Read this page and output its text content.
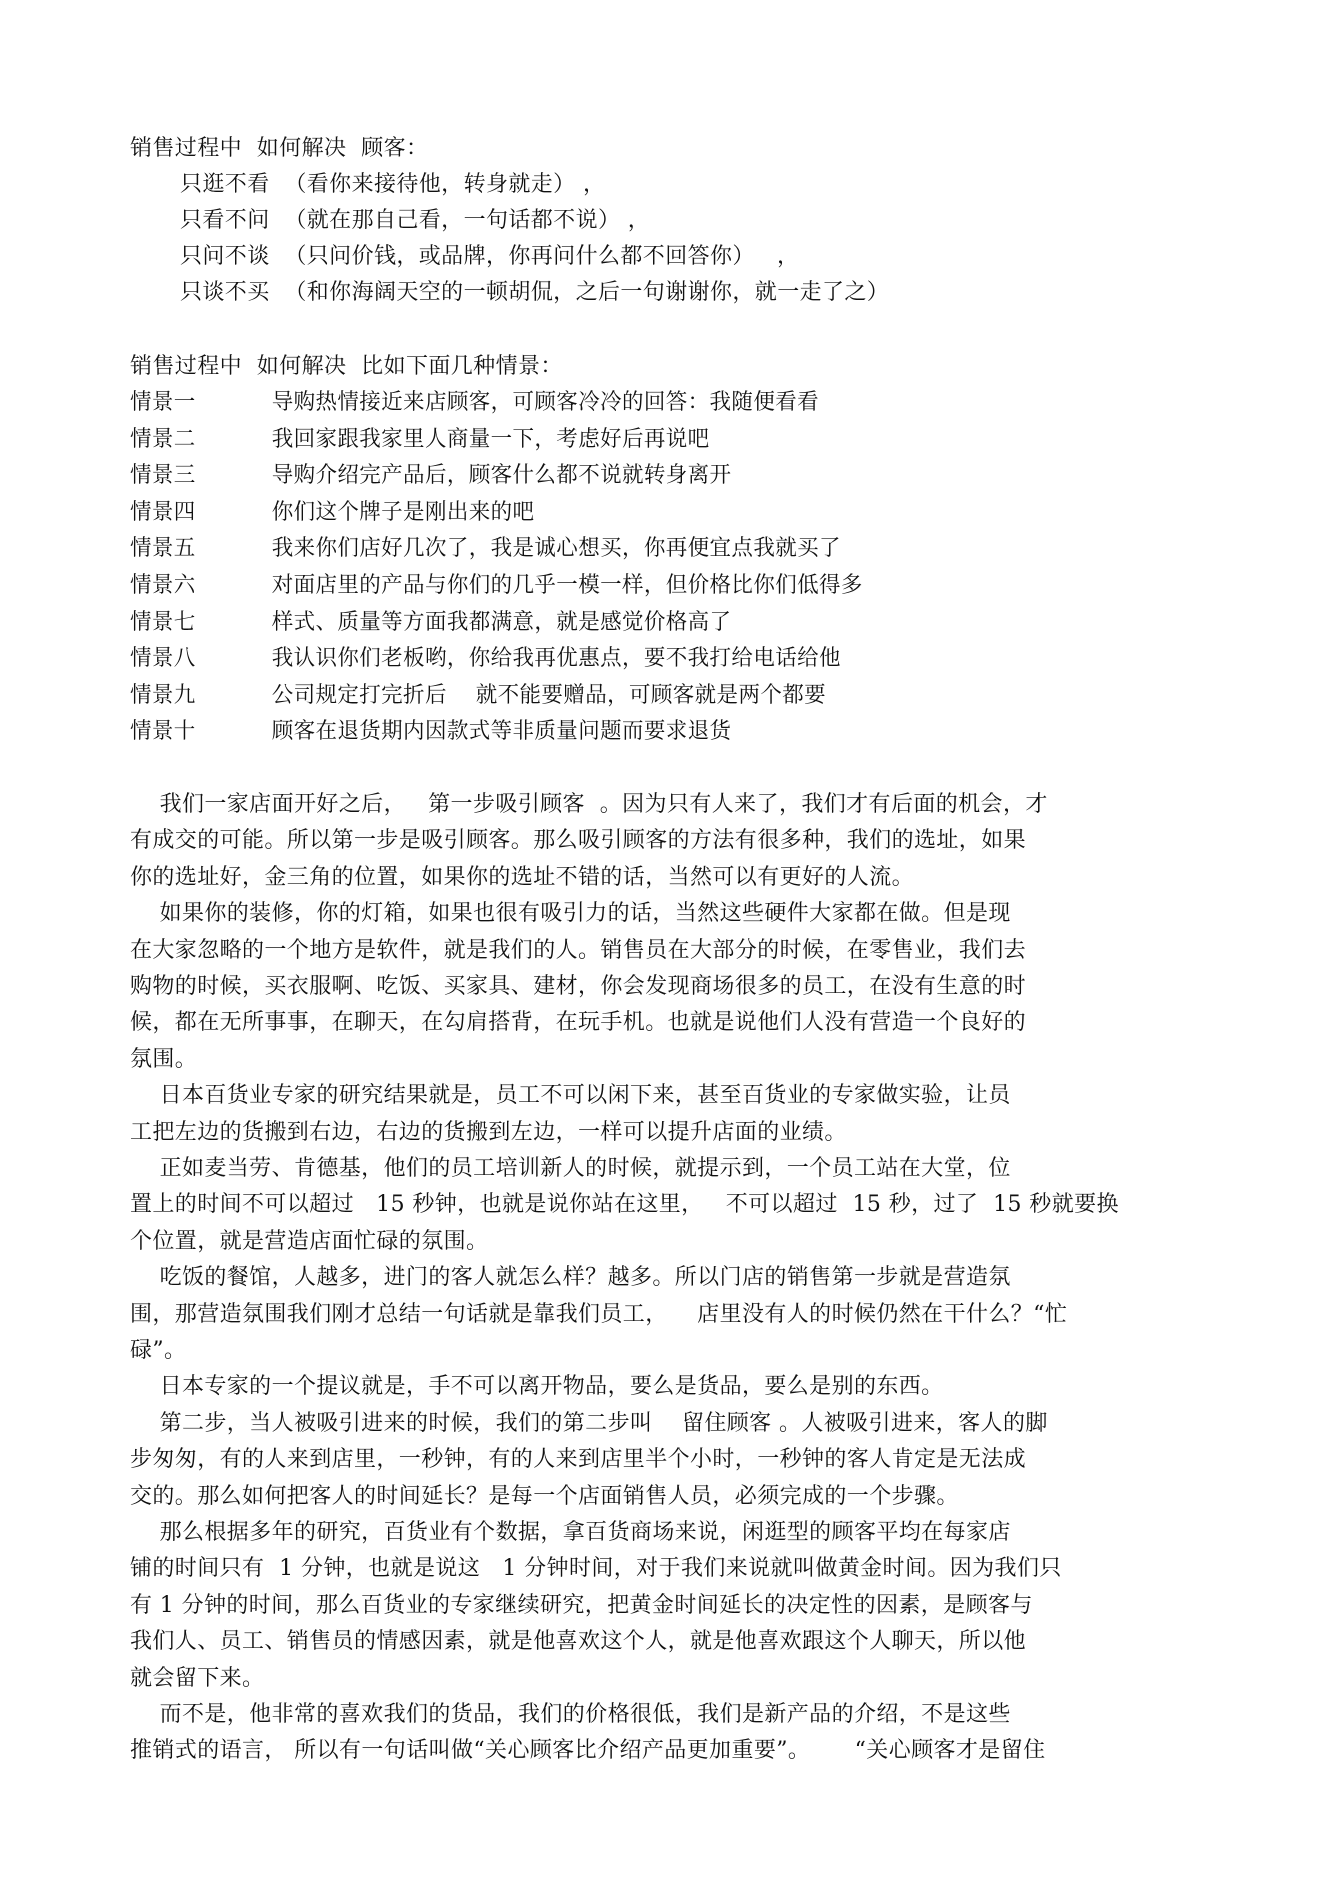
销售过程中  如何解决  顾客：
只逛不看  （看你来接待他，转身就走） ，
只看不问  （就在那自己看，一句话都不说） ，
只问不谈  （只问价钱，或品牌，你再问什么都不回答你）   ，
只谈不买  （和你海阔天空的一顿胡侃，之后一句谢谢你，就一走了之）
销售过程中  如何解决  比如下面几种情景：
情景一	导购热情接近来店顾客，可顾客冷冷的回答：我随便看看
情景二	我回家跟我家里人商量一下，考虑好后再说吧
情景三	导购介绍完产品后，顾客什么都不说就转身离开
情景四	你们这个牌子是刚出来的吧
情景五	我来你们店好几次了，我是诚心想买，你再便宜点我就买了
情景六	对面店里的产品与你们的几乎一模一样，但价格比你们低得多
情景七	样式、质量等方面我都满意，就是感觉价格高了
情景八	我认识你们老板哟，你给我再优惠点，要不我打给电话给他
情景九	公司规定打完折后    就不能要赠品，可顾客就是两个都要
情景十	顾客在退货期内因款式等非质量问题而要求退货
我们一家店面开好之后，   第一步吸引顾客  。因为只有人来了，我们才有后面的机会，才
有成交的可能。所以第一步是吸引顾客。那么吸引顾客的方法有很多种，我们的选址，如果
你的选址好，金三角的位置，如果你的选址不错的话，当然可以有更好的人流。
如果你的装修，你的灯箱，如果也很有吸引力的话，当然这些硬件大家都在做。但是现
在大家忽略的一个地方是软件，就是我们的人。销售员在大部分的时候，在零售业，我们去
购物的时候，买衣服啊、吃饭、买家具、建材，你会发现商场很多的员工，在没有生意的时
候，都在无所事事，在聊天，在勾肩搭背，在玩手机。也就是说他们人没有营造一个良好的
氛围。
日本百货业专家的研究结果就是，员工不可以闲下来，甚至百货业的专家做实验，让员
工把左边的货搬到右边，右边的货搬到左边，一样可以提升店面的业绩。
正如麦当劳、肯德基，他们的员工培训新人的时候，就提示到，一个员工站在大堂，位
置上的时间不可以超过   15 秒钟，也就是说你站在这里，   不可以超过  15 秒，过了  15 秒就要换
个位置，就是营造店面忙碌的氛围。
吃饭的餐馆，人越多，进门的客人就怎么样？越多。所以门店的销售第一步就是营造氛
围，那营造氛围我们刚才总结一句话就是靠我们员工，    店里没有人的时候仍然在干什么？“忙
碌”。
日本专家的一个提议就是，手不可以离开物品，要么是货品，要么是别的东西。
第二步，当人被吸引进来的时候，我们的第二步叫    留住顾客 。人被吸引进来，客人的脚
步匆匆，有的人来到店里，一秒钟，有的人来到店里半个小时，一秒钟的客人肯定是无法成
交的。那么如何把客人的时间延长？是每一个店面销售人员，必须完成的一个步骤。
那么根据多年的研究，百货业有个数据，拿百货商场来说，闲逛型的顾客平均在每家店
铺的时间只有  1 分钟，也就是说这   1 分钟时间，对于我们来说就叫做黄金时间。因为我们只
有 1 分钟的时间，那么百货业的专家继续研究，把黄金时间延长的决定性的因素，是顾客与
我们人、员工、销售员的情感因素，就是他喜欢这个人，就是他喜欢跟这个人聊天，所以他
就会留下来。
而不是，他非常的喜欢我们的货品，我们的价格很低，我们是新产品的介绍，不是这些
推销式的语言， 所以有一句话叫做“关心顾客比介绍产品更加重要”。      “关心顾客才是留住
